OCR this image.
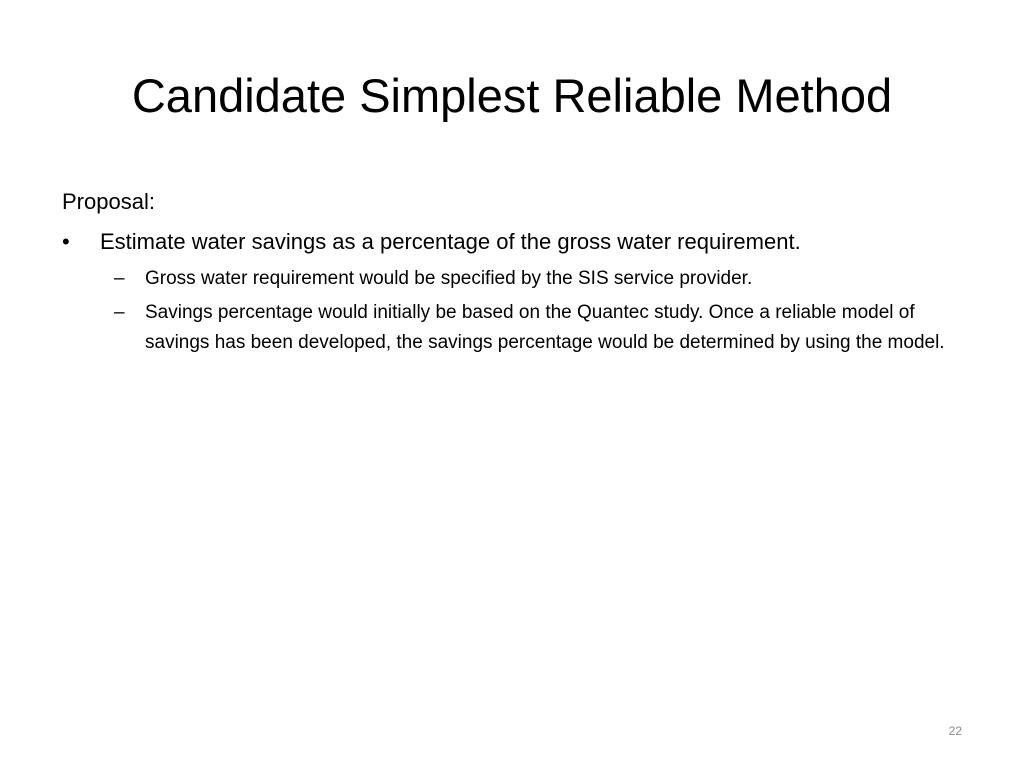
Candidate Simplest Reliable Method

Proposal:

•	Estimate water savings as a percentage of the gross water requirement.
–	Gross water requirement would be specified by the SIS service provider.
–	Savings percentage would initially be based on the Quantec study. Once a reliable model of savings has been developed, the savings percentage would be determined by using the model.
22
